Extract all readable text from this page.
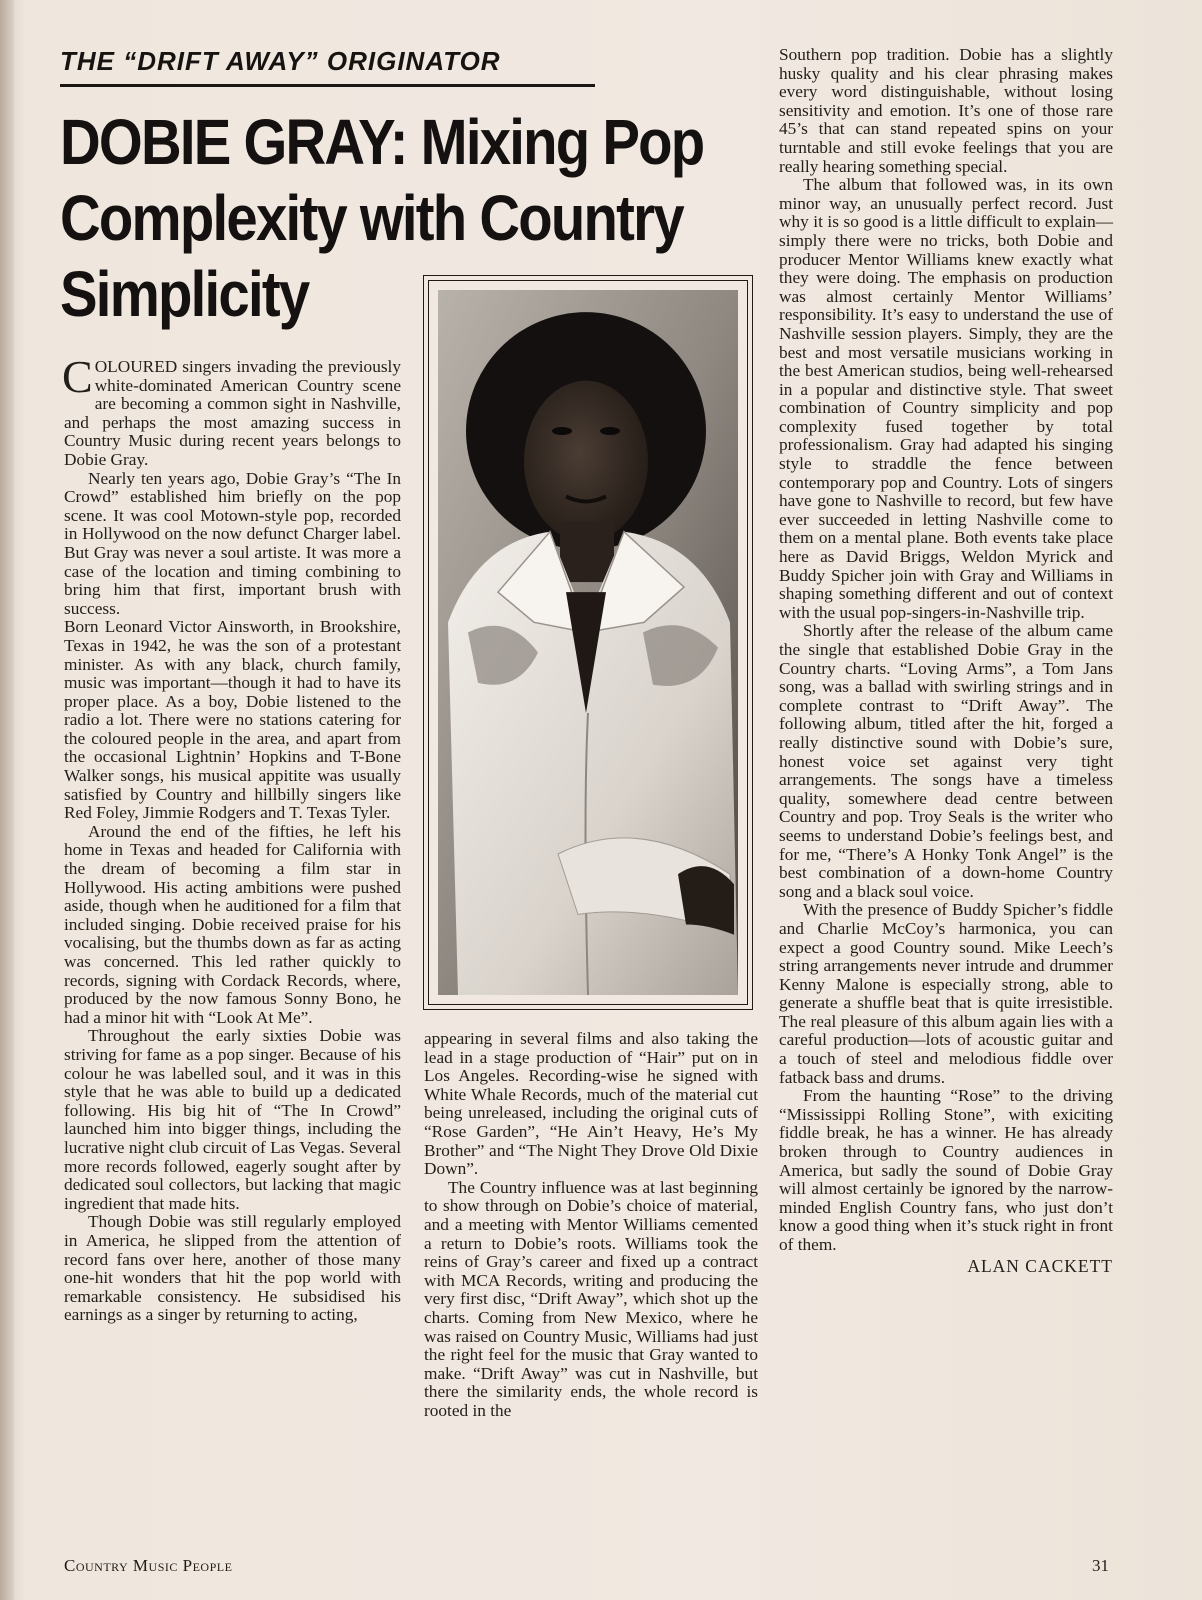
THE “DRIFT AWAY” ORIGINATOR
DOBIE GRAY: Mixing Pop
Complexity with Country
Simplicity

COLOURED singers invading the previously white-dominated American Country scene are becoming a common sight in Nashville, and perhaps the most amazing success in Country Music during recent years belongs to Dobie Gray.

Nearly ten years ago, Dobie Gray’s “The In Crowd” established him briefly on the pop scene. It was cool Motown-style pop, recorded in Hollywood on the now defunct Charger label. But Gray was never a soul artiste. It was more a case of the location and timing combining to bring him that first, important brush with success.

Born Leonard Victor Ainsworth, in Brookshire, Texas in 1942, he was the son of a protestant minister. As with any black, church family, music was important—though it had to have its proper place. As a boy, Dobie listened to the radio a lot. There were no stations catering for the coloured people in the area, and apart from the occasional Lightnin’ Hopkins and T-Bone Walker songs, his musical appitite was usually satisfied by Country and hillbilly singers like Red Foley, Jimmie Rodgers and T. Texas Tyler.

Around the end of the fifties, he left his home in Texas and headed for California with the dream of becoming a film star in Hollywood. His acting ambitions were pushed aside, though when he auditioned for a film that included singing. Dobie received praise for his vocalising, but the thumbs down as far as acting was concerned. This led rather quickly to records, signing with Cordack Records, where, produced by the now famous Sonny Bono, he had a minor hit with “Look At Me”.

Throughout the early sixties Dobie was striving for fame as a pop singer. Because of his colour he was labelled soul, and it was in this style that he was able to build up a dedicated following. His big hit of “The In Crowd” launched him into bigger things, including the lucrative night club circuit of Las Vegas. Several more records followed, eagerly sought after by dedicated soul collectors, but lacking that magic ingredient that made hits.

Though Dobie was still regularly employed in America, he slipped from the attention of record fans over here, another of those many one-hit wonders that hit the pop world with remarkable consistency. He subsidised his earnings as a singer by returning to acting,

appearing in several films and also taking the lead in a stage production of “Hair” put on in Los Angeles. Recording-wise he signed with White Whale Records, much of the material cut being unreleased, including the original cuts of “Rose Garden”, “He Ain’t Heavy, He’s My Brother” and “The Night They Drove Old Dixie Down”.

The Country influence was at last beginning to show through on Dobie’s choice of material, and a meeting with Mentor Williams cemented a return to Dobie’s roots. Williams took the reins of Gray’s career and fixed up a contract with MCA Records, writing and producing the very first disc, “Drift Away”, which shot up the charts. Coming from New Mexico, where he was raised on Country Music, Williams had just the right feel for the music that Gray wanted to make. “Drift Away” was cut in Nashville, but there the similarity ends, the whole record is rooted in the

Southern pop tradition. Dobie has a slightly husky quality and his clear phrasing makes every word distinguishable, without losing sensitivity and emotion. It’s one of those rare 45’s that can stand repeated spins on your turntable and still evoke feelings that you are really hearing something special.

The album that followed was, in its own minor way, an unusually perfect record. Just why it is so good is a little difficult to explain—simply there were no tricks, both Dobie and producer Mentor Williams knew exactly what they were doing. The emphasis on production was almost certainly Mentor Williams’ responsibility. It’s easy to understand the use of Nashville session players. Simply, they are the best and most versatile musicians working in the best American studios, being well-rehearsed in a popular and distinctive style. That sweet combination of Country simplicity and pop complexity fused together by total professionalism. Gray had adapted his singing style to straddle the fence between contemporary pop and Country. Lots of singers have gone to Nashville to record, but few have ever succeeded in letting Nashville come to them on a mental plane. Both events take place here as David Briggs, Weldon Myrick and Buddy Spicher join with Gray and Williams in shaping something different and out of context with the usual pop-singers-in-Nashville trip.

Shortly after the release of the album came the single that established Dobie Gray in the Country charts. “Loving Arms”, a Tom Jans song, was a ballad with swirling strings and in complete contrast to “Drift Away”. The following album, titled after the hit, forged a really distinctive sound with Dobie’s sure, honest voice set against very tight arrangements. The songs have a timeless quality, somewhere dead centre between Country and pop. Troy Seals is the writer who seems to understand Dobie’s feelings best, and for me, “There’s A Honky Tonk Angel” is the best combination of a down-home Country song and a black soul voice.

With the presence of Buddy Spicher’s fiddle and Charlie McCoy’s harmonica, you can expect a good Country sound. Mike Leech’s string arrangements never intrude and drummer Kenny Malone is especially strong, able to generate a shuffle beat that is quite irresistible. The real pleasure of this album again lies with a careful production—lots of acoustic guitar and a touch of steel and melodious fiddle over fatback bass and drums.

From the haunting “Rose” to the driving “Mississippi Rolling Stone”, with exiciting fiddle break, he has a winner. He has already broken through to Country audiences in America, but sadly the sound of Dobie Gray will almost certainly be ignored by the narrow-minded English Country fans, who just don’t know a good thing when it’s stuck right in front of them.

ALAN CACKETT

Country Music People	31
